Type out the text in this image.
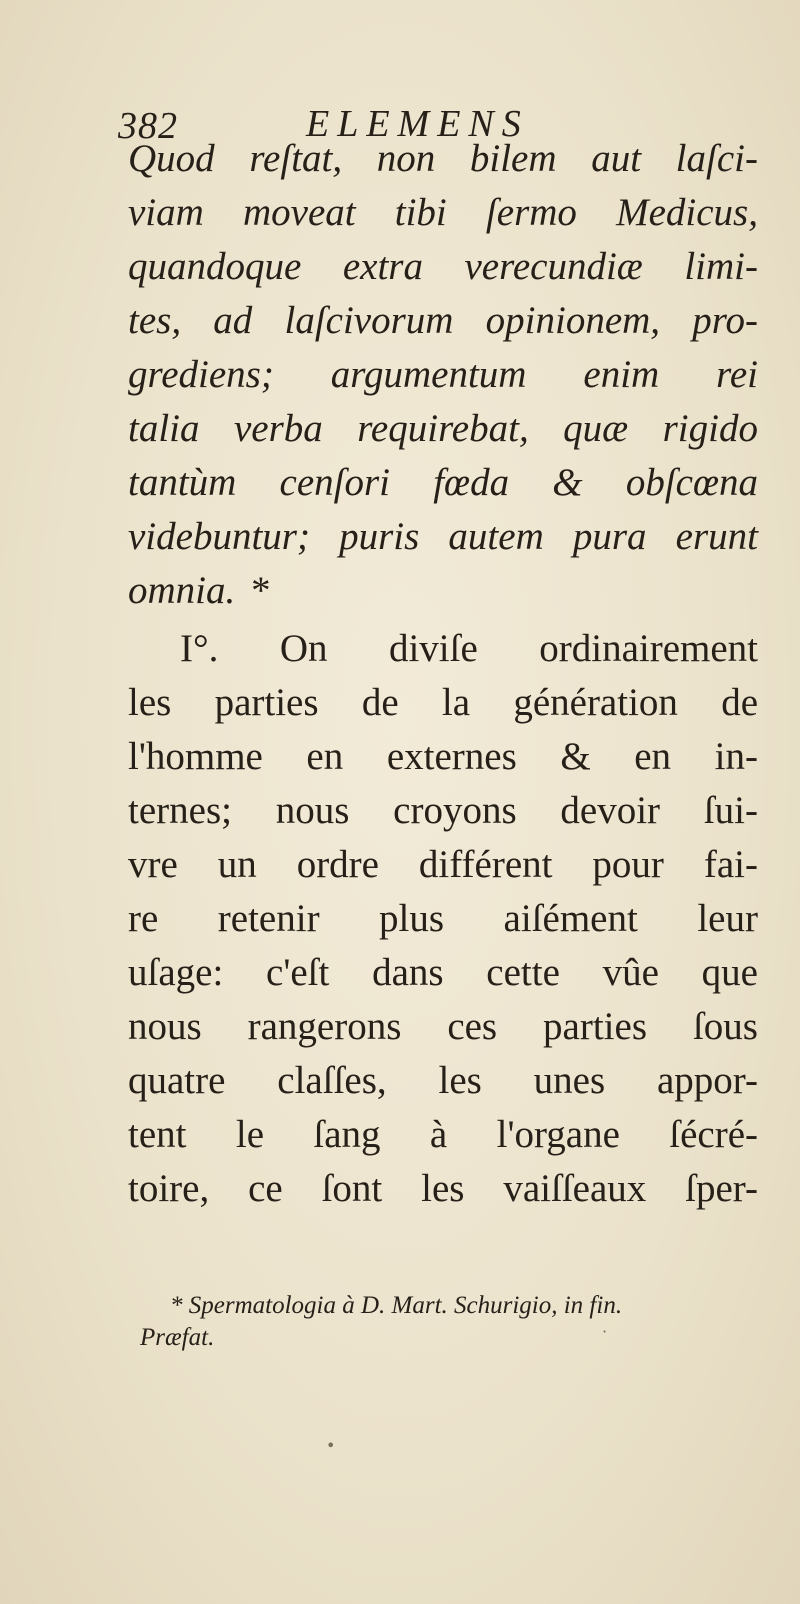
382	ELEMENS
Quod reſtat, non bilem aut laſci-
viam moveat tibi ſermo Medicus,
quandoque extra verecundiæ limi-
tes, ad laſcivorum opinionem, pro-
grediens; argumentum enim rei
talia verba requirebat, quæ rigido
tantùm cenſori fœda & obſcœna
videbuntur; puris autem pura erunt
omnia. *
I°. On diviſe ordinairement
les parties de la génération de
l'homme en externes & en in-
ternes; nous croyons devoir ſui-
vre un ordre différent pour fai-
re retenir plus aiſément leur
uſage: c'eſt dans cette vûe que
nous rangerons ces parties ſous
quatre claſſes, les unes appor-
tent le ſang à l'organe ſécré-
toire, ce ſont les vaiſſeaux ſper-
* Spermatologia à D. Mart. Schurigio, in fin.
Præfat.
•
·
